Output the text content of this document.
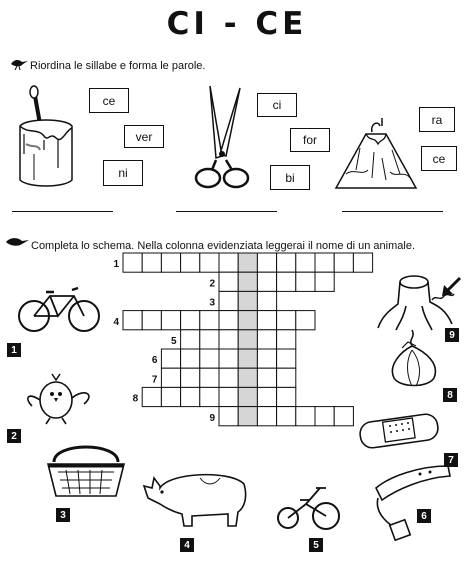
CI - CE
Riordina le sillabe e forma le parole.
ce
ver
ni
ci
for
bi
ra
ce
Completa lo schema. Nella colonna evidenziata leggerai il nome di un animale.
1
2
3
4
5
6
7
8
9
1
2
3
4	5
6
7
8
9
